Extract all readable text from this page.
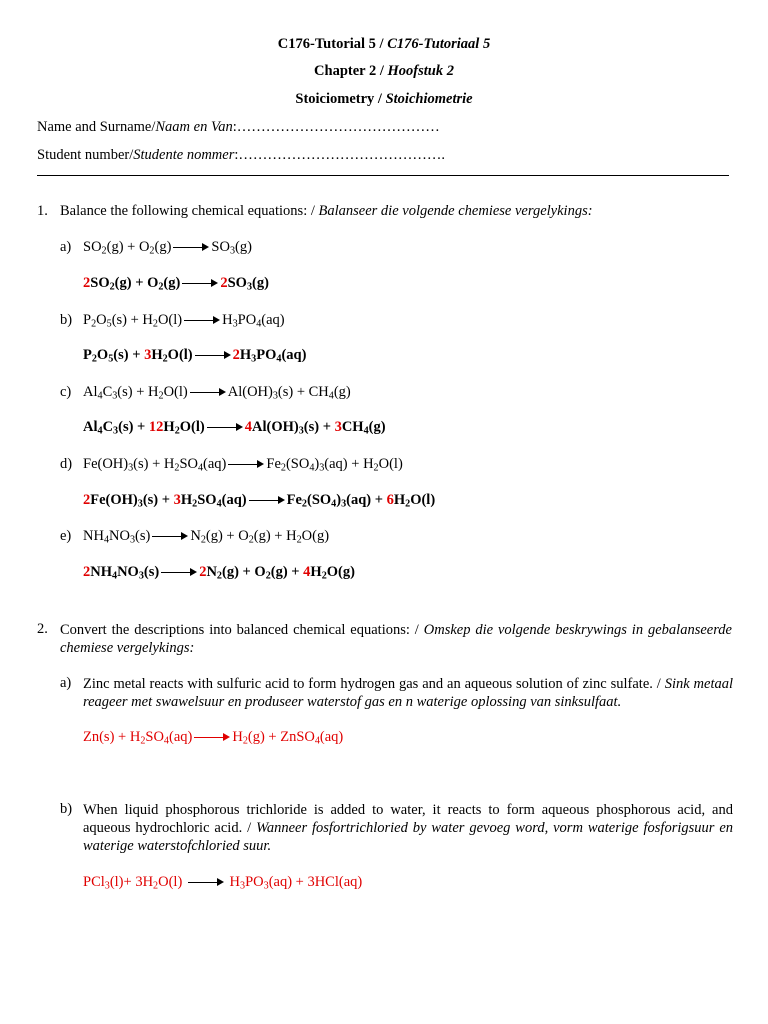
C176-Tutorial 5 / C176-Tutoriaal 5
Chapter 2 / Hoofstuk 2
Stoiciometry / Stoichiometrie
Name and Surname/Naam en Van:……………………………………
Student number/Studente nommer:…………………………………….
1. Balance the following chemical equations: / Balanseer die volgende chemiese vergelykings:
a) $SO_2(g) + O_2(g)$	$SO_3(g)$
$2SO_2(g) + O_2(g)$	$2SO_3(g)$
b) $P_2O_5(s) + H_2O(l)$	$H_3PO_4(aq)$
$P_2O_5(s) + 3H_2O(l)$	$2H_3PO_4(aq)$
c) $Al_4C_3(s) + H_2O(l)$	$Al(OH)_3(s) + CH_4(g)$
$Al_4C_3(s) + 12H_2O(l)$	$4Al(OH)_3(s) + 3CH_4(g)$
d) $Fe(OH)_3(s) + H_2SO_4(aq)$	$Fe_2(SO_4)_3(aq) + H_2O(l)$
$2Fe(OH)_3(s) + 3H_2SO_4(aq)$	$Fe_2(SO_4)_3(aq) + 6H_2O(l)$
e) $NH_4NO_3(s)$	$N_2(g) + O_2(g) + H_2O(g)$
$2NH_4NO_3(s)$	$2N_2(g) + O_2(g) + 4H_2O(g)$
2. Convert the descriptions into balanced chemical equations: / Omskep die volgende beskrywings in gebalanseerde chemiese vergelykings:
a) Zinc metal reacts with sulfuric acid to form hydrogen gas and an aqueous solution of zinc sulfate. / Sink metaal reageer met swawelsuur en produseer waterstof gas en n waterige oplossing van sinksulfaat.
$Zn(s) + H_2SO_4(aq)$	$H_2(g)$ + ZnSO$_4$(aq)
b) When liquid phosphorous trichloride is added to water, it reacts to form aqueous phosphorous acid, and aqueous hydrochloric acid. / Wanneer fosfortrichloried by water gevoeg word, vorm waterige fosforigsuur en waterige waterstofchloried suur.
$PCl_3(l)+ 3H_2O(l)$	$H_3PO_3(aq) + 3HCl(aq)$
